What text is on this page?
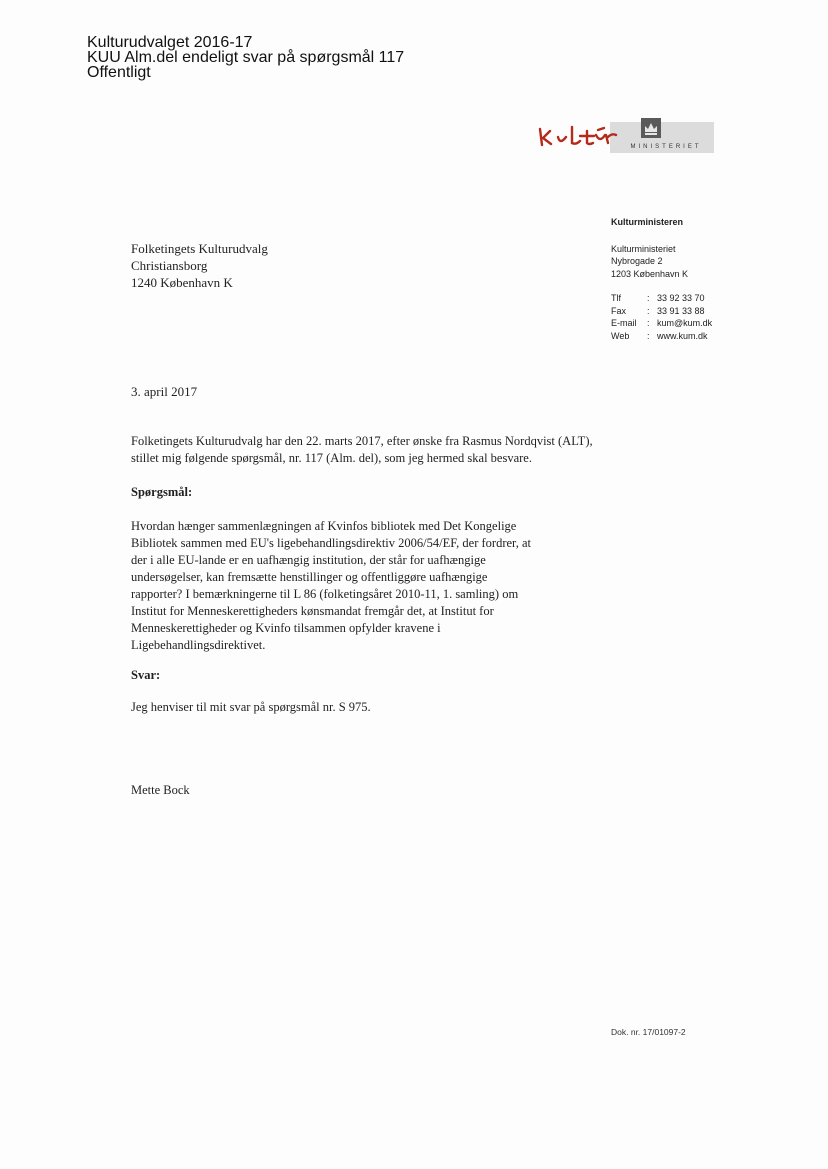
Kulturudvalget 2016-17
KUU Alm.del endeligt svar på spørgsmål 117
Offentligt
MINISTERIET
Kulturministeren
Kulturministeriet
Nybrogade 2
1203 København K
Tlf	: 33 92 33 70
Fax	: 33 91 33 88
E-mail	: kum@kum.dk
Web	: www.kum.dk
Folketingets Kulturudvalg
Christiansborg
1240 København K
3. april 2017
Folketingets Kulturudvalg har den 22. marts 2017, efter ønske fra Rasmus Nordqvist (ALT), stillet mig følgende spørgsmål, nr. 117 (Alm. del), som jeg hermed skal besvare.
Spørgsmål:
Hvordan hænger sammenlægningen af Kvinfos bibliotek med Det Kongelige
Bibliotek sammen med EU's ligebehandlingsdirektiv 2006/54/EF, der fordrer, at
der i alle EU-lande er en uafhængig institution, der står for uafhængige
undersøgelser, kan fremsætte henstillinger og offentliggøre uafhængige
rapporter? I bemærkningerne til L 86 (folketingsåret 2010-11, 1. samling) om
Institut for Menneskerettigheders kønsmandat fremgår det, at Institut for
Menneskerettigheder og Kvinfo tilsammen opfylder kravene i
Ligebehandlingsdirektivet.
Svar:
Jeg henviser til mit svar på spørgsmål nr. S 975.
Mette Bock
Dok. nr. 17/01097-2
